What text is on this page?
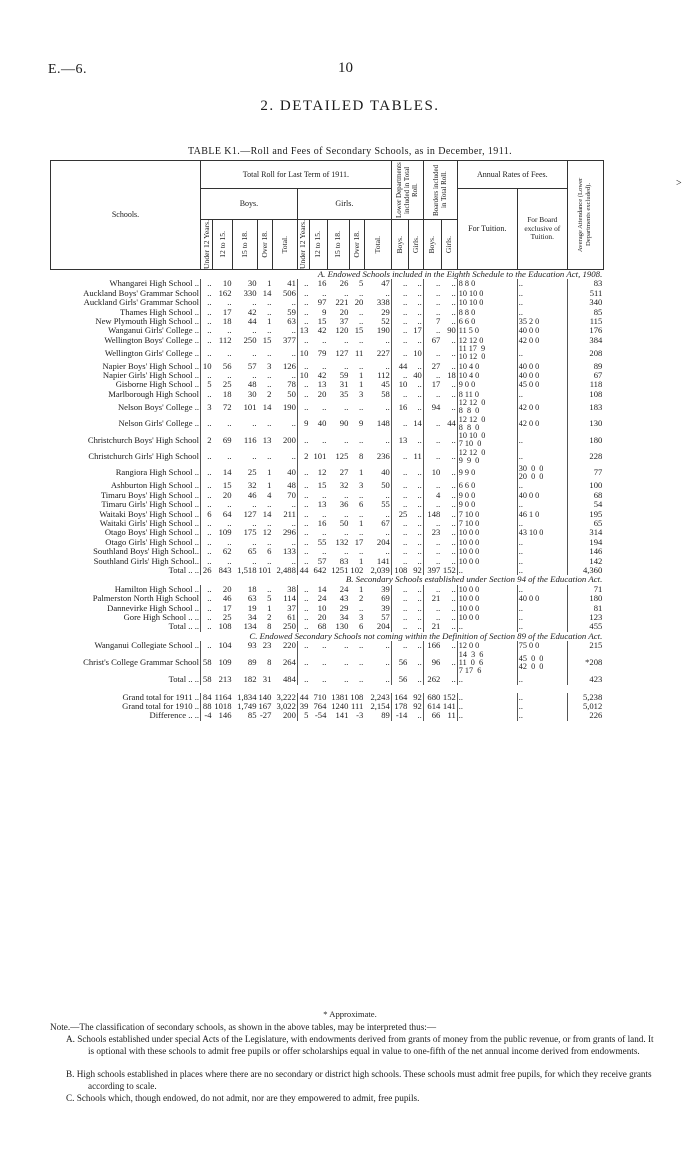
E.—6.	10
2. DETAILED TABLES.
TABLE K1.—Roll and Fees of Secondary Schools, as in December, 1911.
Schools.	Total Roll for Last Term of 1911.										Lower Departments included in Total Roll.		Boarders included in Total Roll.		Annual Rates of Fees.		Average Attendance (Lower Departments excluded).

	Boys.					Girls.									For Tuition.	For Board exclusive of Tuition.	

	Under 12 Years.	12 to 15.	15 to 18.	Over 18.	Total.	Under 12 Years.	12 to 15.	15 to 18.	Over 18.	Total.	Boys.	Girls.	Boys.	Girls.			

A. Endowed Schools included in the Eighth Schedule to the Education Act, 1908.																	
Whangarei High School ..	..	10	30	1	41	..	16	26	5	47	..	..	..	..	8 8 0	..	83
Auckland Boys' Grammar School	..	162	330	14	506	..	..	..	..	..	..	..	..	..	10 10 0	..	511
Auckland Girls' Grammar School	..	..	..	..	..	..	97	221	20	338	..	..	..	..	10 10 0	..	340
Thames High School ..	..	17	42	..	59	..	9	20	..	29	..	..	..	..	8 8 0	..	85
New Plymouth High School ..	..	18	44	1	63	..	15	37	..	52	..	..	7	..	6 6 0	35 2 0	115
Wanganui Girls' College ..	..	..	..	..	..	13	42	120	15	190	..	17	..	90	11 5 0	40 0 0	176
Wellington Boys' College ..	..	112	250	15	377	..	..	..	..	..	..	..	67	..	12 12 0	42 0 0	384
Wellington Girls' College ..	..	..	..	..	..	10	79	127	11	227	..	10	..	..	11 17  9
10 12  0	..	208
Napier Boys' High School ..	10	56	57	3	126	..	..	..	..	..	44	..	27	..	10 4 0	40 0 0	89
Napier Girls' High School ..	..	..	..	..	..	10	42	59	1	112	..	40	..	18	10 4 0	40 0 0	67
Gisborne High School ..	5	25	48	..	78	..	13	31	1	45	10	..	17	..	9 0 0	45 0 0	118
Marlborough High School	..	18	30	2	50	..	20	35	3	58	..	..	..	..	8 11 0	..	108
Nelson Boys' College ..	3	72	101	14	190	..	..	..	..	..	16	..	94	..	12 12  0
8  8  0	42 0 0	183
Nelson Girls' College ..	..	..	..	..	..	9	40	90	9	148	..	14	..	44	12 12  0
8  8  0	42 0 0	130
Christchurch Boys' High School	2	69	116	13	200	..	..	..	..	..	13	..	..	..	10 10  0
7 10  0	..	180
Christchurch Girls' High School	..	..	..	..	..	2	101	125	8	236	..	11	..	..	12 12  0
9  9  0	..	228
Rangiora High School ..	..	14	25	1	40	..	12	27	1	40	..	..	10	..	9 9 0	30  0  0
20  0  0	77
Ashburton High School ..	..	15	32	1	48	..	15	32	3	50	..	..	..	..	6 6 0	..	100
Timaru Boys' High School ..	..	20	46	4	70	..	..	..	..	..	..	..	4	..	9 0 0	40 0 0	68
Timaru Girls' High School ..	..	..	..	..	..	..	13	36	6	55	..	..	..	..	9 0 0	..	54
Waitaki Boys' High School ..	6	64	127	14	211	..	..	..	..	..	25	..	148	..	7 10 0	46 1 0	195
Waitaki Girls' High School ..	..	..	..	..	..	..	16	50	1	67	..	..	..	..	7 10 0	..	65
Otago Boys' High School ..	..	109	175	12	296	..	..	..	..	..	..	..	23	..	10 0 0	43 10 0	314
Otago Girls' High School ..	..	..	..	..	..	..	55	132	17	204	..	..	..	..	10 0 0	..	194
Southland Boys' High School..	..	62	65	6	133	..	..	..	..	..	..	..	..	..	10 0 0	..	146
Southland Girls' High School..	..	..	..	..	..	..	57	83	1	141	..	..	..	..	10 0 0	..	142
Total .. ..	26	843	1,518	101	2,488	44	642	1251	102	2,039	108	92	397	152	..	..	4,360
B. Secondary Schools established under Section 94 of the Education Act.																	
Hamilton High School ..	..	20	18	..	38	..	14	24	1	39	..	..	..	..	10 0 0	..	71
Palmerston North High School	..	46	63	5	114	..	24	43	2	69	..	..	21	..	10 0 0	40 0 0	180
Dannevirke High School ..	..	17	19	1	37	..	10	29	..	39	..	..	..	..	10 0 0	..	81
Gore High School .. ..	..	25	34	2	61	..	20	34	3	57	..	..	..	..	10 0 0	..	123
Total .. ..	..	108	134	8	250	..	68	130	6	204	..	..	21	..	..	..	455
C. Endowed Secondary Schools not coming within the Definition of Section 89 of the Education Act.																	
Wanganui Collegiate School ..	..	104	93	23	220	..	..	..	..	..	..	..	166	..	12 0 0	75 0 0	215
Christ's College Grammar School	58	109	89	8	264	..	..	..	..	..	56	..	96	..	14  3  6
11  0  6
7 17  6	45  0  0
42  0  0	*208
Total .. ..	58	213	182	31	484	..	..	..	..	..	56	..	262	..	..	..	423

Grand total for 1911 ..	84	1164	1,834	140	3,222	44	710	1381	108	2,243	164	92	680	152	..	..	5,238
Grand total for 1910 ..	88	1018	1,749	167	3,022	39	764	1240	111	2,154	178	92	614	141	..	..	5,012
Difference .. ..	-4	146	85	-27	200	5	-54	141	-3	89	-14	..	66	11	..	..	226
* Approximate.
Note.—The classification of secondary schools, as shown in the above tables, may be interpreted thus:—
A. Schools established under special Acts of the Legislature, with endowments derived from grants of money from the public revenue, or from grants of land. It is optional with these schools to admit free pupils or offer scholarships equal in value to one-fifth of the net annual income derived from endowments.
B. High schools established in places where there are no secondary or district high schools. These schools must admit free pupils, for which they receive grants according to scale.
C. Schools which, though endowed, do not admit, nor are they empowered to admit, free pupils.
>
